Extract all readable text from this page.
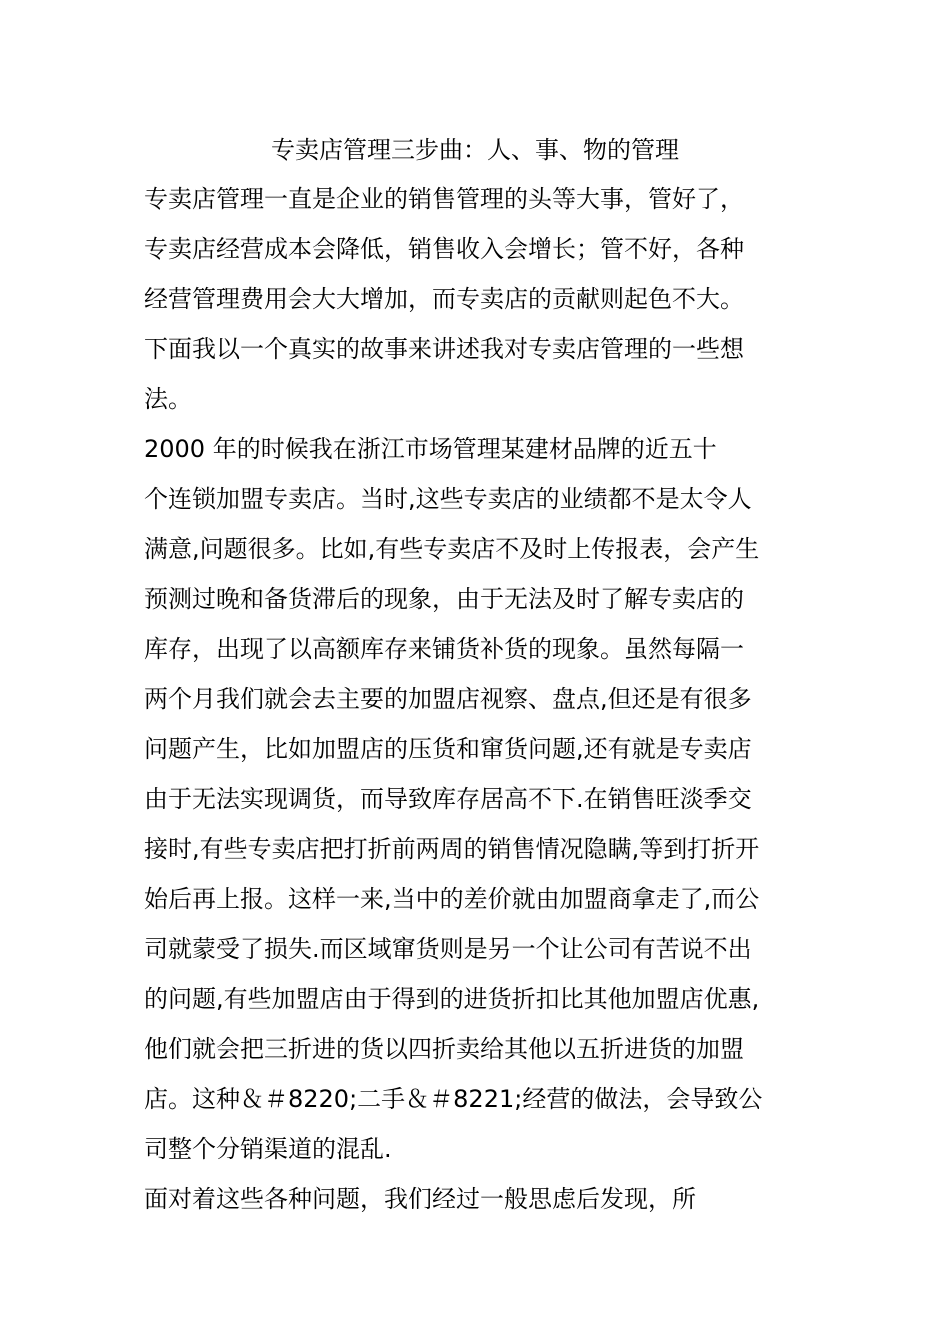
专卖店管理三步曲：人、事、物的管理
专卖店管理一直是企业的销售管理的头等大事，管好了，
专卖店经营成本会降低，销售收入会增长；管不好，各种
经营管理费用会大大增加，而专卖店的贡献则起色不大。
下面我以一个真实的故事来讲述我对专卖店管理的一些想
法。
2000 年的时候我在浙江市场管理某建材品牌的近五十
个连锁加盟专卖店。当时,这些专卖店的业绩都不是太令人
满意,问题很多。比如,有些专卖店不及时上传报表，会产生
预测过晚和备货滞后的现象，由于无法及时了解专卖店的
库存，出现了以高额库存来铺货补货的现象。虽然每隔一
两个月我们就会去主要的加盟店视察、盘点,但还是有很多
问题产生，比如加盟店的压货和窜货问题,还有就是专卖店
由于无法实现调货，而导致库存居高不下.在销售旺淡季交
接时,有些专卖店把打折前两周的销售情况隐瞒,等到打折开
始后再上报。这样一来,当中的差价就由加盟商拿走了,而公
司就蒙受了损失.而区域窜货则是另一个让公司有苦说不出
的问题,有些加盟店由于得到的进货折扣比其他加盟店优惠,
他们就会把三折进的货以四折卖给其他以五折进货的加盟
店。这种＆＃8220;二手＆＃8221;经营的做法，会导致公
司整个分销渠道的混乱.
面对着这些各种问题，我们经过一般思虑后发现，所
